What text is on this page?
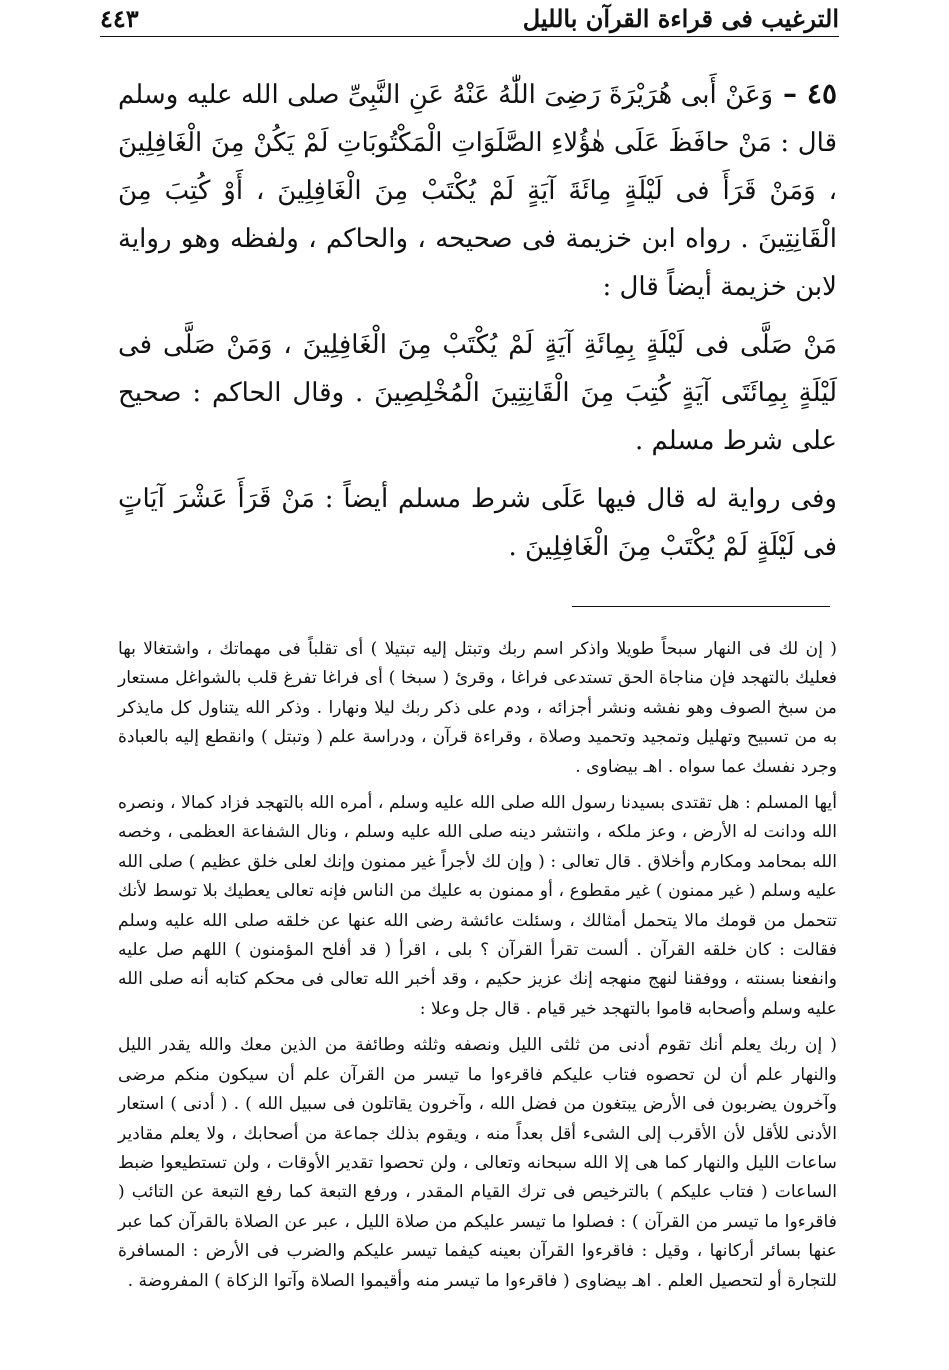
الترغيب فى قراءة القرآن بالليل
٤٤٣

٤٥ –وَعَنْ أَبى هُرَيْرَةَ رَضِىَ اللّٰهُ عَنْهُ عَنِ النَّبِىِّ صلى الله عليه وسلم قال : مَنْ حافَظَ عَلَى هٰؤُلاءِ الصَّلَوَاتِ الْمَكْتُوبَاتِ لَمْ يَكُنْ مِنَ الْغَافِلِينَ ، وَمَنْ قَرَأَ فى لَيْلَةٍ مِائَةَ آيَةٍ لَمْ يُكْتَبْ مِنَ الْغَافِلِينَ ، أَوْ كُتِبَ مِنَ الْقَانِتِينَ . رواه ابن خزيمة فى صحيحه ، والحاكم ، ولفظه وهو رواية لابن خزيمة أيضاً قال :

مَنْ صَلَّى فى لَيْلَةٍ بِمِائَةِ آيَةٍ لَمْ يُكْتَبْ مِنَ الْغَافِلِينَ ، وَمَنْ صَلَّى فى لَيْلَةٍ بِمِائَتَى آيَةٍ كُتِبَ مِنَ الْقَانِتِينَ الْمُخْلِصِينَ . وقال الحاكم : صحيح على شرط مسلم .

وفى رواية له قال فيها عَلَى شرط مسلم أيضاً : مَنْ قَرَأَ عَشْرَ آيَاتٍ فى لَيْلَةٍ لَمْ يُكْتَبْ مِنَ الْغَافِلِينَ .

( إن لك فى النهار سبحاً طويلا واذكر اسم ربك وتبتل إليه تبتيلا ) أى تقلباً فى مهماتك ، واشتغالا بها فعليك بالتهجد فإن مناجاة الحق تستدعى فراغا ، وقرئ ( سبخا ) أى فراغا تفرغ قلب بالشواغل مستعار من سبخ الصوف وهو نفشه ونشر أجزائه ، ودم على ذكر ربك ليلا ونهارا . وذكر الله يتناول كل مايذكر به من تسبيح وتهليل وتمجيد وتحميد وصلاة ، وقراءة قرآن ، ودراسة علم ( وتبتل ) وانقطع إليه بالعبادة وجرد نفسك عما سواه . اهـ بيضاوى .

أيها المسلم : هل تقتدى بسيدنا رسول الله صلى الله عليه وسلم ، أمره الله بالتهجد فزاد كمالا ، ونصره الله ودانت له الأرض ، وعز ملكه ، وانتشر دينه صلى الله عليه وسلم ، ونال الشفاعة العظمى ، وخصه الله بمحامد ومكارم وأخلاق . قال تعالى : ( وإن لك لأجراً غير ممنون وإنك لعلى خلق عظيم ) صلى الله عليه وسلم ( غير ممنون ) غير مقطوع ، أو ممنون به عليك من الناس فإنه تعالى يعطيك بلا توسط لأنك تتحمل من قومك مالا يتحمل أمثالك ، وسئلت عائشة رضى الله عنها عن خلقه صلى الله عليه وسلم فقالت : كان خلقه القرآن . ألست تقرأ القرآن ؟ بلى ، اقرأ ( قد أفلح المؤمنون ) اللهم صل عليه وانفعنا بسنته ، ووفقنا لنهج منهجه إنك عزيز حكيم ، وقد أخبر الله تعالى فى محكم كتابه أنه صلى الله عليه وسلم وأصحابه قاموا بالتهجد خير قيام . قال جل وعلا :

( إن ربك يعلم أنك تقوم أدنى من ثلثى الليل ونصفه وثلثه وطائفة من الذين معك والله يقدر الليل والنهار علم أن لن تحصوه فتاب عليكم فاقرءوا ما تيسر من القرآن علم أن سيكون منكم مرضى وآخرون يضربون فى الأرض يبتغون من فضل الله ، وآخرون يقاتلون فى سبيل الله ) . ( أدنى ) استعار الأدنى للأقل لأن الأقرب إلى الشىء أقل بعداً منه ، ويقوم بذلك جماعة من أصحابك ، ولا يعلم مقادير ساعات الليل والنهار كما هى إلا الله سبحانه وتعالى ، ولن تحصوا تقدير الأوقات ، ولن تستطيعوا ضبط الساعات ( فتاب عليكم ) بالترخيص فى ترك القيام المقدر ، ورفع التبعة كما رفع التبعة عن التائب ( فاقرءوا ما تيسر من القرآن ) : فصلوا ما تيسر عليكم من صلاة الليل ، عبر عن الصلاة بالقرآن كما عبر عنها بسائر أركانها ، وقيل : فاقرءوا القرآن بعينه كيفما تيسر عليكم والضرب فى الأرض : المسافرة للتجارة أو لتحصيل العلم . اهـ بيضاوى ( فاقرءوا ما تيسر منه وأقيموا الصلاة وآتوا الزكاة ) المفروضة .
